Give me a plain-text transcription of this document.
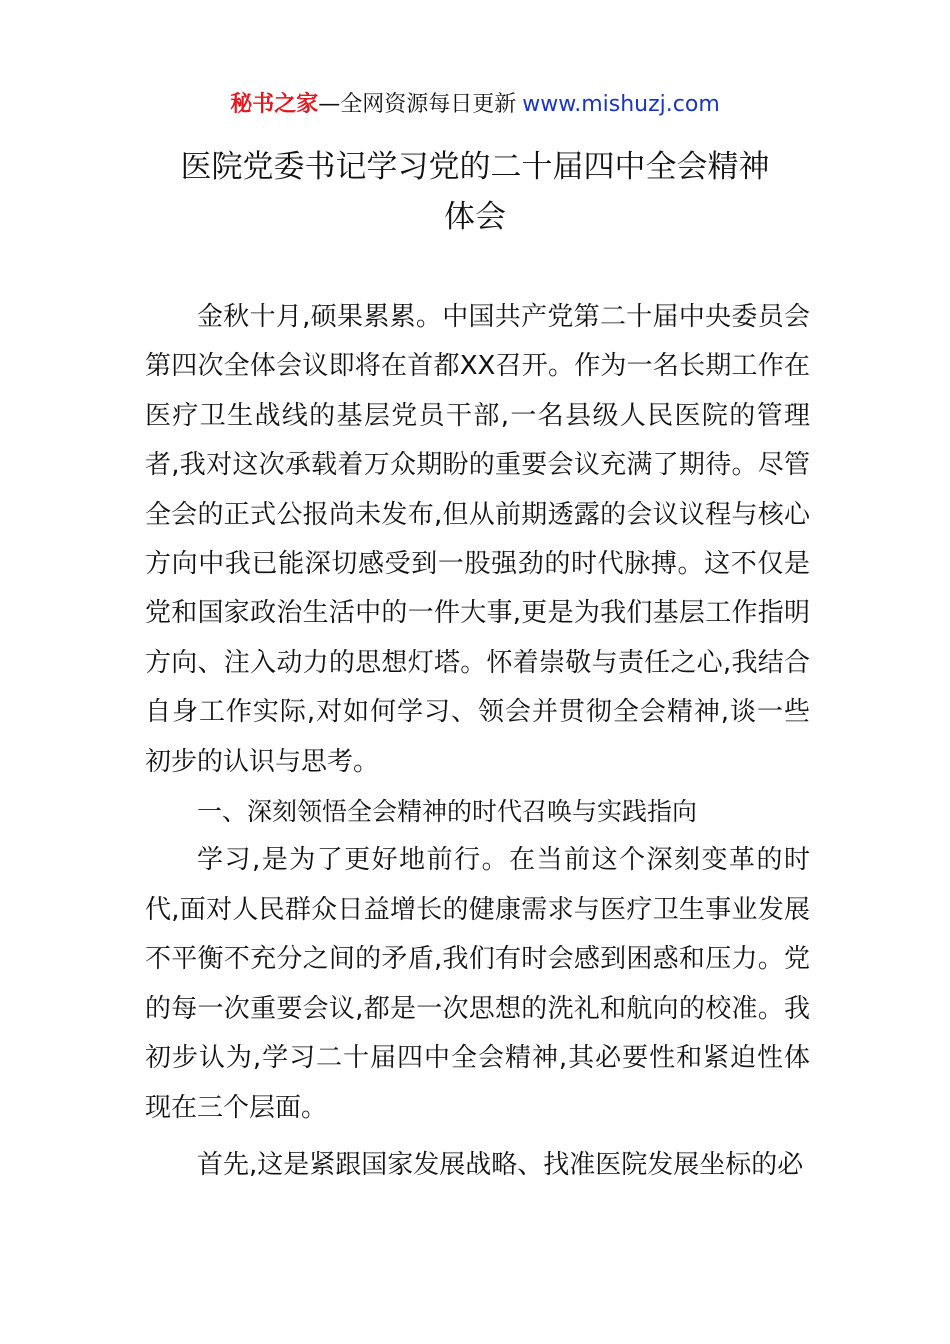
秘书之家—全网资源每日更新 www.mishuzj.com
医院党委书记学习党的二十届四中全会精神
体会

金秋十月,硕果累累。中国共产党第二十届中央委员会第四次全体会议即将在首都XX召开。作为一名长期工作在医疗卫生战线的基层党员干部,一名县级人民医院的管理者,我对这次承载着万众期盼的重要会议充满了期待。尽管全会的正式公报尚未发布,但从前期透露的会议议程与核心方向中我已能深切感受到一股强劲的时代脉搏。这不仅是党和国家政治生活中的一件大事,更是为我们基层工作指明方向、注入动力的思想灯塔。怀着崇敬与责任之心,我结合自身工作实际,对如何学习、领会并贯彻全会精神,谈一些初步的认识与思考。

一、深刻领悟全会精神的时代召唤与实践指向

学习,是为了更好地前行。在当前这个深刻变革的时代,面对人民群众日益增长的健康需求与医疗卫生事业发展不平衡不充分之间的矛盾,我们有时会感到困惑和压力。党的每一次重要会议,都是一次思想的洗礼和航向的校准。我初步认为,学习二十届四中全会精神,其必要性和紧迫性体现在三个层面。

首先,这是紧跟国家发展战略、找准医院发展坐标的必
